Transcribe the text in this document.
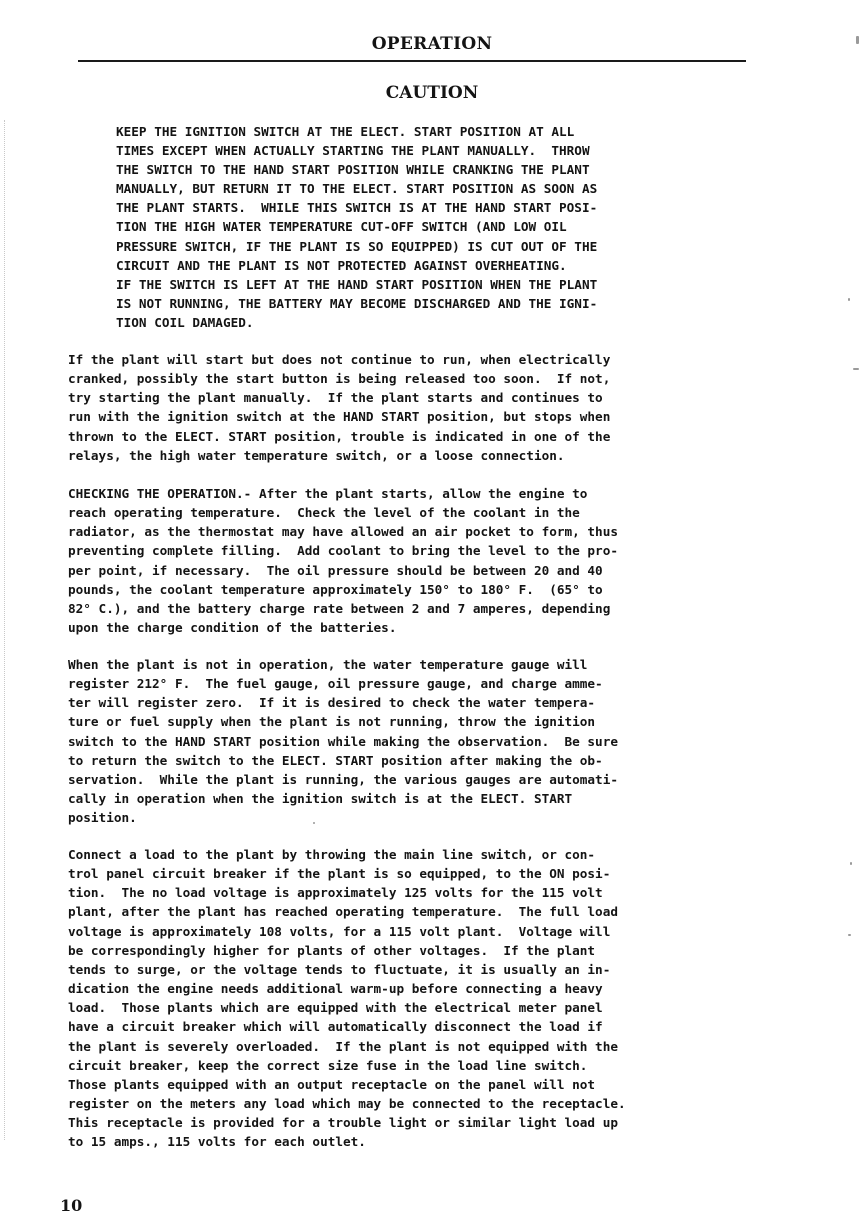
OPERATION
CAUTION

KEEP THE IGNITION SWITCH AT THE ELECT. START POSITION AT ALL
TIMES EXCEPT WHEN ACTUALLY STARTING THE PLANT MANUALLY.  THROW
THE SWITCH TO THE HAND START POSITION WHILE CRANKING THE PLANT
MANUALLY, BUT RETURN IT TO THE ELECT. START POSITION AS SOON AS
THE PLANT STARTS.  WHILE THIS SWITCH IS AT THE HAND START POSI-
TION THE HIGH WATER TEMPERATURE CUT-OFF SWITCH (AND LOW OIL
PRESSURE SWITCH, IF THE PLANT IS SO EQUIPPED) IS CUT OUT OF THE
CIRCUIT AND THE PLANT IS NOT PROTECTED AGAINST OVERHEATING.
IF THE SWITCH IS LEFT AT THE HAND START POSITION WHEN THE PLANT
IS NOT RUNNING, THE BATTERY MAY BECOME DISCHARGED AND THE IGNI-
TION COIL DAMAGED.

If the plant will start but does not continue to run, when electrically
cranked, possibly the start button is being released too soon.  If not,
try starting the plant manually.  If the plant starts and continues to
run with the ignition switch at the HAND START position, but stops when
thrown to the ELECT. START position, trouble is indicated in one of the
relays, the high water temperature switch, or a loose connection.

CHECKING THE OPERATION.- After the plant starts, allow the engine to
reach operating temperature.  Check the level of the coolant in the
radiator, as the thermostat may have allowed an air pocket to form, thus
preventing complete filling.  Add coolant to bring the level to the pro-
per point, if necessary.  The oil pressure should be between 20 and 40
pounds, the coolant temperature approximately 150° to 180° F.  (65° to
82° C.), and the battery charge rate between 2 and 7 amperes, depending
upon the charge condition of the batteries.

When the plant is not in operation, the water temperature gauge will
register 212° F.  The fuel gauge, oil pressure gauge, and charge amme-
ter will register zero.  If it is desired to check the water tempera-
ture or fuel supply when the plant is not running, throw the ignition
switch to the HAND START position while making the observation.  Be sure
to return the switch to the ELECT. START position after making the ob-
servation.  While the plant is running, the various gauges are automati-
cally in operation when the ignition switch is at the ELECT. START
position.

Connect a load to the plant by throwing the main line switch, or con-
trol panel circuit breaker if the plant is so equipped, to the ON posi-
tion.  The no load voltage is approximately 125 volts for the 115 volt
plant, after the plant has reached operating temperature.  The full load
voltage is approximately 108 volts, for a 115 volt plant.  Voltage will
be correspondingly higher for plants of other voltages.  If the plant
tends to surge, or the voltage tends to fluctuate, it is usually an in-
dication the engine needs additional warm-up before connecting a heavy
load.  Those plants which are equipped with the electrical meter panel
have a circuit breaker which will automatically disconnect the load if
the plant is severely overloaded.  If the plant is not equipped with the
circuit breaker, keep the correct size fuse in the load line switch.
Those plants equipped with an output receptacle on the panel will not
register on the meters any load which may be connected to the receptacle.
This receptacle is provided for a trouble light or similar light load up
to 15 amps., 115 volts for each outlet.

10
